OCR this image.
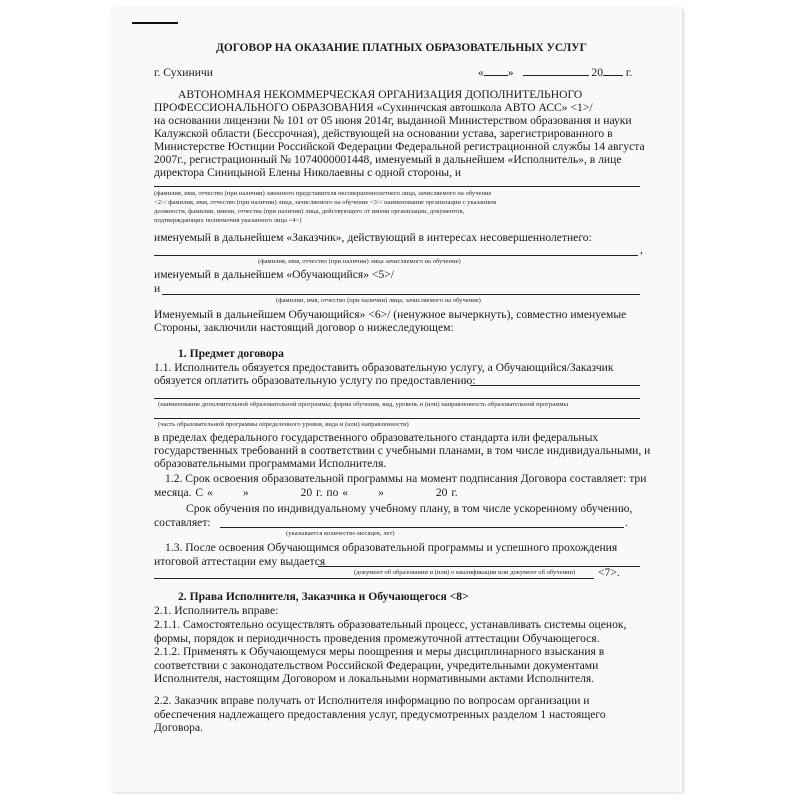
ДОГОВОР НА ОКАЗАНИЕ ПЛАТНЫХ ОБРАЗОВАТЕЛЬНЫХ УСЛУГ
г. Сухиничи	« »	20 г.
АВТОНОМНАЯ НЕКОММЕРЧЕСКАЯ ОРГАНИЗАЦИЯ ДОПОЛНИТЕЛЬНОГО
ПРОФЕССИОНАЛЬНОГО ОБРАЗОВАНИЯ «Сухиничская автошкола АВТО АСС» <1>/
на основании лицензии № 101 от 05 июня 2014г, выданной Министерством образования и науки
Калужской области (Бессрочная), действующей на основании устава, зарегистрированного в
Министерстве Юстиции Российской Федерации Федеральной регистрационной службы 14 августа
2007г., регистрационный № 1074000001448, именуемый в дальнейшем «Исполнитель», в лице
директора Синицыной Елены Николаевны с одной стороны, и
(фамилия, имя, отчество (при наличии) законного представителя несовершеннолетнего лица, зачисляемого на обучение
<2>/ фамилия, имя, отчество (при наличии) лица, зачисляемого на обучение <3>/ наименование организации с указанием
должности, фамилии, имени, отчества (при наличии) лица, действующего от имени организации, документов,
подтверждающих полномочия указанного лица <4>)
именуемый в дальнейшем «Заказчик», действующий в интересах несовершеннолетнего:
,
(фамилия, имя, отчество (при наличии) лица зачисляемого на обучение)
именуемый в дальнейшем «Обучающийся» <5>/
и
(фамилии, имя, отчество (при наличии) лица, зачисляемого на обучение)
Именуемый в дальнейшем Обучающийся» <6>/ (ненужное вычеркнуть), совместно именуемые
Стороны, заключили настоящий договор о нижеследующем:
1. Предмет договора
1.1. Исполнитель обязуется предоставить образовательную услугу, а Обучающийся/Заказчик
обязуется оплатить образовательную услугу по предоставлению:
(наименование дополнительной образовательной программы; форма обучения, вид, уровень и (или) направленность образовательной программы
(часть образовательной программы определенного уровня, вида и (или) направленности)
в пределах федерального государственного образовательного стандарта или федеральных
государственных требований в соответствии с учебными планами, в том числе индивидуальными, и
образовательными программами Исполнителя.
1.2. Срок освоения образовательной программы на момент подписания Договора составляет: три
месяца. С «	»	20 г. по «	»	20 г.
Срок обучения по индивидуальному учебному плану, в том числе ускоренному обучению,
составляет:	.
(указывается количество месяцев, лет)
1.3. После освоения Обучающимся образовательной программы и успешного прохождения
итоговой аттестации ему выдается
(документ об образовании и (или) о квалификации или документ об обучении) <7>.
2. Права Исполнителя, Заказчика и Обучающегося <8>
2.1. Исполнитель вправе:
2.1.1. Самостоятельно осуществлять образовательный процесс, устанавливать системы оценок,
формы, порядок и периодичность проведения промежуточной аттестации Обучающегося.
2.1.2. Применять к Обучающемуся меры поощрения и меры дисциплинарного взыскания в
соответствии с законодательством Российской Федерации, учредительными документами
Исполнителя, настоящим Договором и локальными нормативными актами Исполнителя.
2.2. Заказчик вправе получать от Исполнителя информацию по вопросам организации и
обеспечения надлежащего предоставления услуг, предусмотренных разделом 1 настоящего
Договора.
